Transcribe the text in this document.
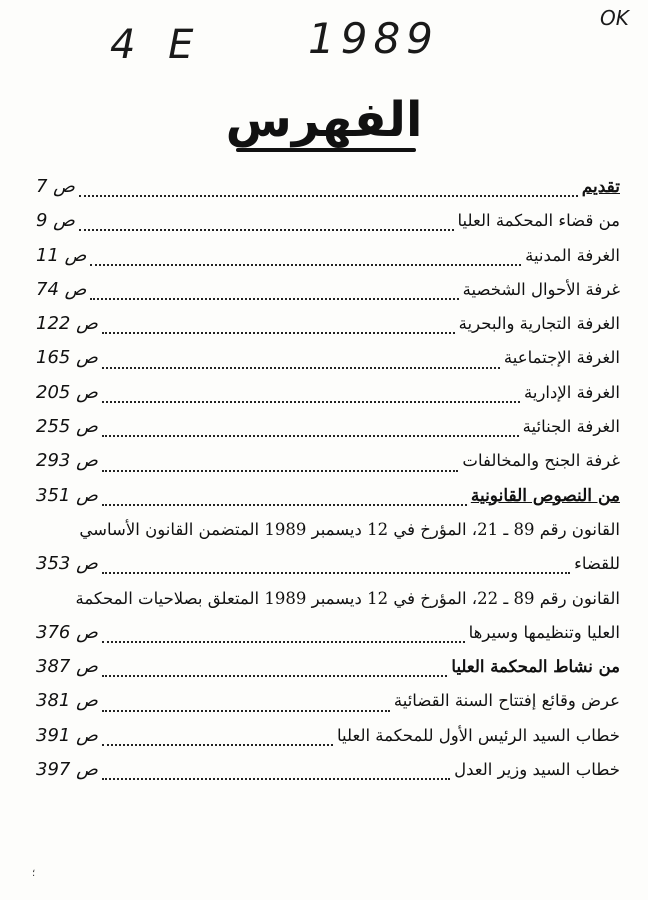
4 E 1989	OK
الفهرس
تقديم
ص 7
من قضاء المحكمة العليا
ص 9
الغرفة المدنية
ص 11
غرفة الأحوال الشخصية
ص 74
الغرفة التجارية والبحرية
ص 122
الغرفة الإجتماعية
ص 165
الغرفة الإدارية
ص 205
الغرفة الجنائية
ص 255
غرفة الجنح والمخالفات
ص 293
من النصوص القانونية
ص 351
القانون رقم 89 ـ 21، المؤرخ في 12 ديسمبر 1989 المتضمن القانون الأساسي
للقضاء
ص 353
القانون رقم 89 ـ 22، المؤرخ في 12 ديسمبر 1989 المتعلق بصلاحيات المحكمة
العليا وتنظيمها وسيرها
ص 376
من نشاط المحكمة العليا
ص 387
عرض وقائع إفتتاح السنة القضائية
ص 381
خطاب السيد الرئيس الأول للمحكمة العليا
ص 391
خطاب السيد وزير العدل
ص 397
؛
